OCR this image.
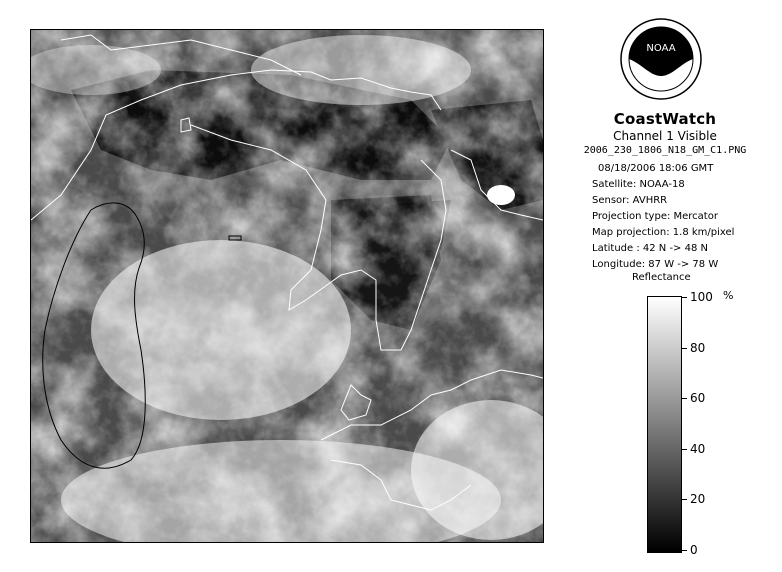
NOAA
CoastWatch
Channel 1 Visible
2006_230_1806_N18_GM_C1.PNG
08/18/2006 18:06 GMT
Satellite: NOAA-18
Sensor: AVHRR
Projection type: Mercator
Map projection: 1.8 km/pixel
Latitude : 42 N -> 48 N
Longitude: 87 W -> 78 W
Reflectance
%
100
80
60
40
20
0
